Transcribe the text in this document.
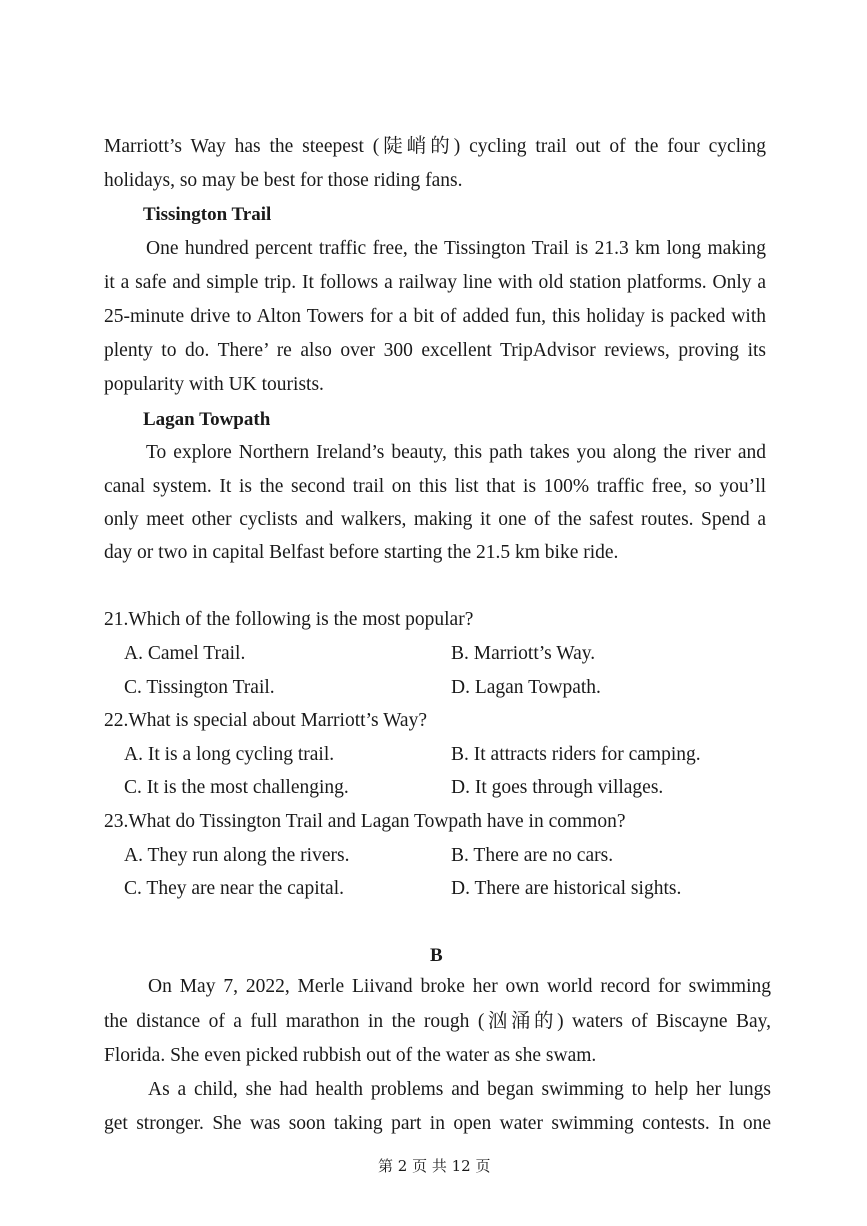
Marriott’s Way has the steepest (陡峭的) cycling trail out of the four cycling
holidays, so may be best for those riding fans.
Tissington Trail
One hundred percent traffic free, the Tissington Trail is 21.3 km long making
it a safe and simple trip. It follows a railway line with old station platforms. Only a
25-minute drive to Alton Towers for a bit of added fun, this holiday is packed with
plenty to do. There’ re also over 300 excellent TripAdvisor reviews, proving its
popularity with UK tourists.
Lagan Towpath
To explore Northern Ireland’s beauty, this path takes you along the river and
canal system. It is the second trail on this list that is 100% traffic free, so you’ll
only meet other cyclists and walkers, making it one of the safest routes. Spend a
day or two in capital Belfast before starting the 21.5 km bike ride.
21.Which of the following is the most popular?
A. Camel Trail.	B. Marriott’s Way.
C. Tissington Trail.	D. Lagan Towpath.
22.What is special about Marriott’s Way?
A. It is a long cycling trail.	B. It attracts riders for camping.
C. It is the most challenging.	D. It goes through villages.
23.What do Tissington Trail and Lagan Towpath have in common?
A. They run along the rivers.	B. There are no cars.
C. They are near the capital.	D. There are historical sights.
B
On May 7, 2022, Merle Liivand broke her own world record for swimming
the distance of a full marathon in the rough (汹涌的) waters of Biscayne Bay,
Florida. She even picked rubbish out of the water as she swam.
As a child, she had health problems and began swimming to help her lungs
get stronger. She was soon taking part in open water swimming contests. In one
第 2 页 共 12 页
